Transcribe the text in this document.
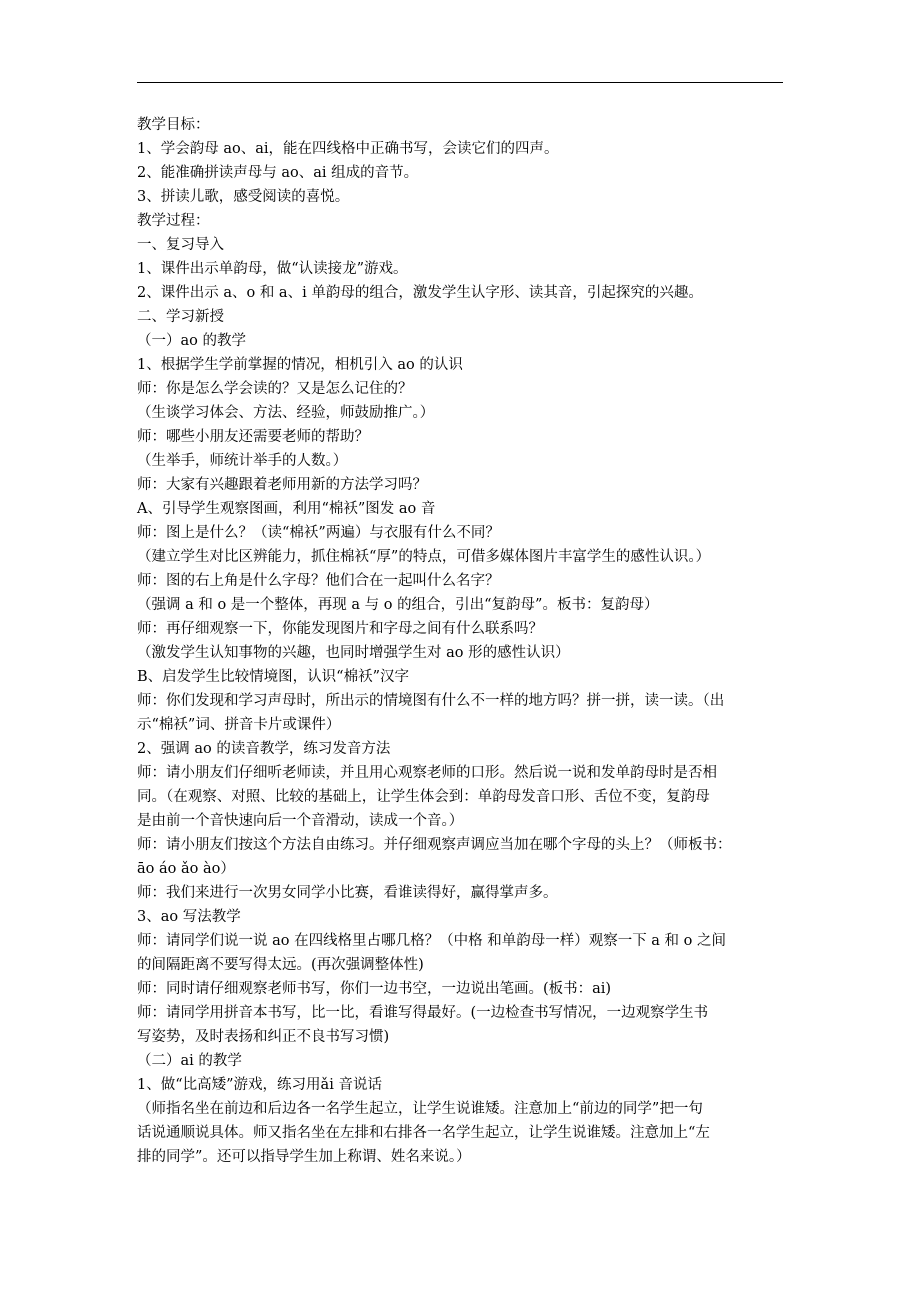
教学目标：
1、学会韵母 ao、ai，能在四线格中正确书写，会读它们的四声。
2、能准确拼读声母与 ao、ai 组成的音节。
3、拼读儿歌，感受阅读的喜悦。
教学过程：
一、复习导入
1、课件出示单韵母，做“认读接龙”游戏。
2、课件出示 a、o 和 a、i 单韵母的组合，激发学生认字形、读其音，引起探究的兴趣。
二、学习新授
（一）ao 的教学
1、根据学生学前掌握的情况，相机引入 ao 的认识
师：你是怎么学会读的？又是怎么记住的？
（生谈学习体会、方法、经验，师鼓励推广。）
师：哪些小朋友还需要老师的帮助？
（生举手，师统计举手的人数。）
师：大家有兴趣跟着老师用新的方法学习吗？
A、引导学生观察图画，利用“棉袄”图发 ao 音
师：图上是什么？（读“棉袄”两遍）与衣服有什么不同？
（建立学生对比区辨能力，抓住棉袄“厚”的特点，可借多媒体图片丰富学生的感性认识。）
师：图的右上角是什么字母？他们合在一起叫什么名字？
（强调 a 和 o 是一个整体，再现 a 与 o 的组合，引出“复韵母”。板书：复韵母）
师：再仔细观察一下，你能发现图片和字母之间有什么联系吗？
（激发学生认知事物的兴趣，也同时增强学生对 ao 形的感性认识）
B、启发学生比较情境图，认识“棉袄”汉字
师：你们发现和学习声母时，所出示的情境图有什么不一样的地方吗？拼一拼，读一读。（出
示“棉袄”词、拼音卡片或课件）
2、强调 ao 的读音教学，练习发音方法
师：请小朋友们仔细听老师读，并且用心观察老师的口形。然后说一说和发单韵母时是否相
同。（在观察、对照、比较的基础上，让学生体会到：单韵母发音口形、舌位不变，复韵母
是由前一个音快速向后一个音滑动，读成一个音。）
师：请小朋友们按这个方法自由练习。并仔细观察声调应当加在哪个字母的头上？（师板书：
āo áo ǎo ào）
师：我们来进行一次男女同学小比赛，看谁读得好，赢得掌声多。
3、ao 写法教学
师：请同学们说一说 ao 在四线格里占哪几格？（中格 和单韵母一样）观察一下 a 和 o 之间
的间隔距离不要写得太远。(再次强调整体性)
师：同时请仔细观察老师书写，你们一边书空，一边说出笔画。(板书：ai)
师：请同学用拼音本书写，比一比，看谁写得最好。(一边检查书写情况，一边观察学生书
写姿势，及时表扬和纠正不良书写习惯)
（二）ai 的教学
1、做“比高矮”游戏，练习用ǎi 音说话
（师指名坐在前边和后边各一名学生起立，让学生说谁矮。注意加上“前边的同学”把一句
话说通顺说具体。师又指名坐在左排和右排各一名学生起立，让学生说谁矮。注意加上“左
排的同学”。还可以指导学生加上称谓、姓名来说。）
